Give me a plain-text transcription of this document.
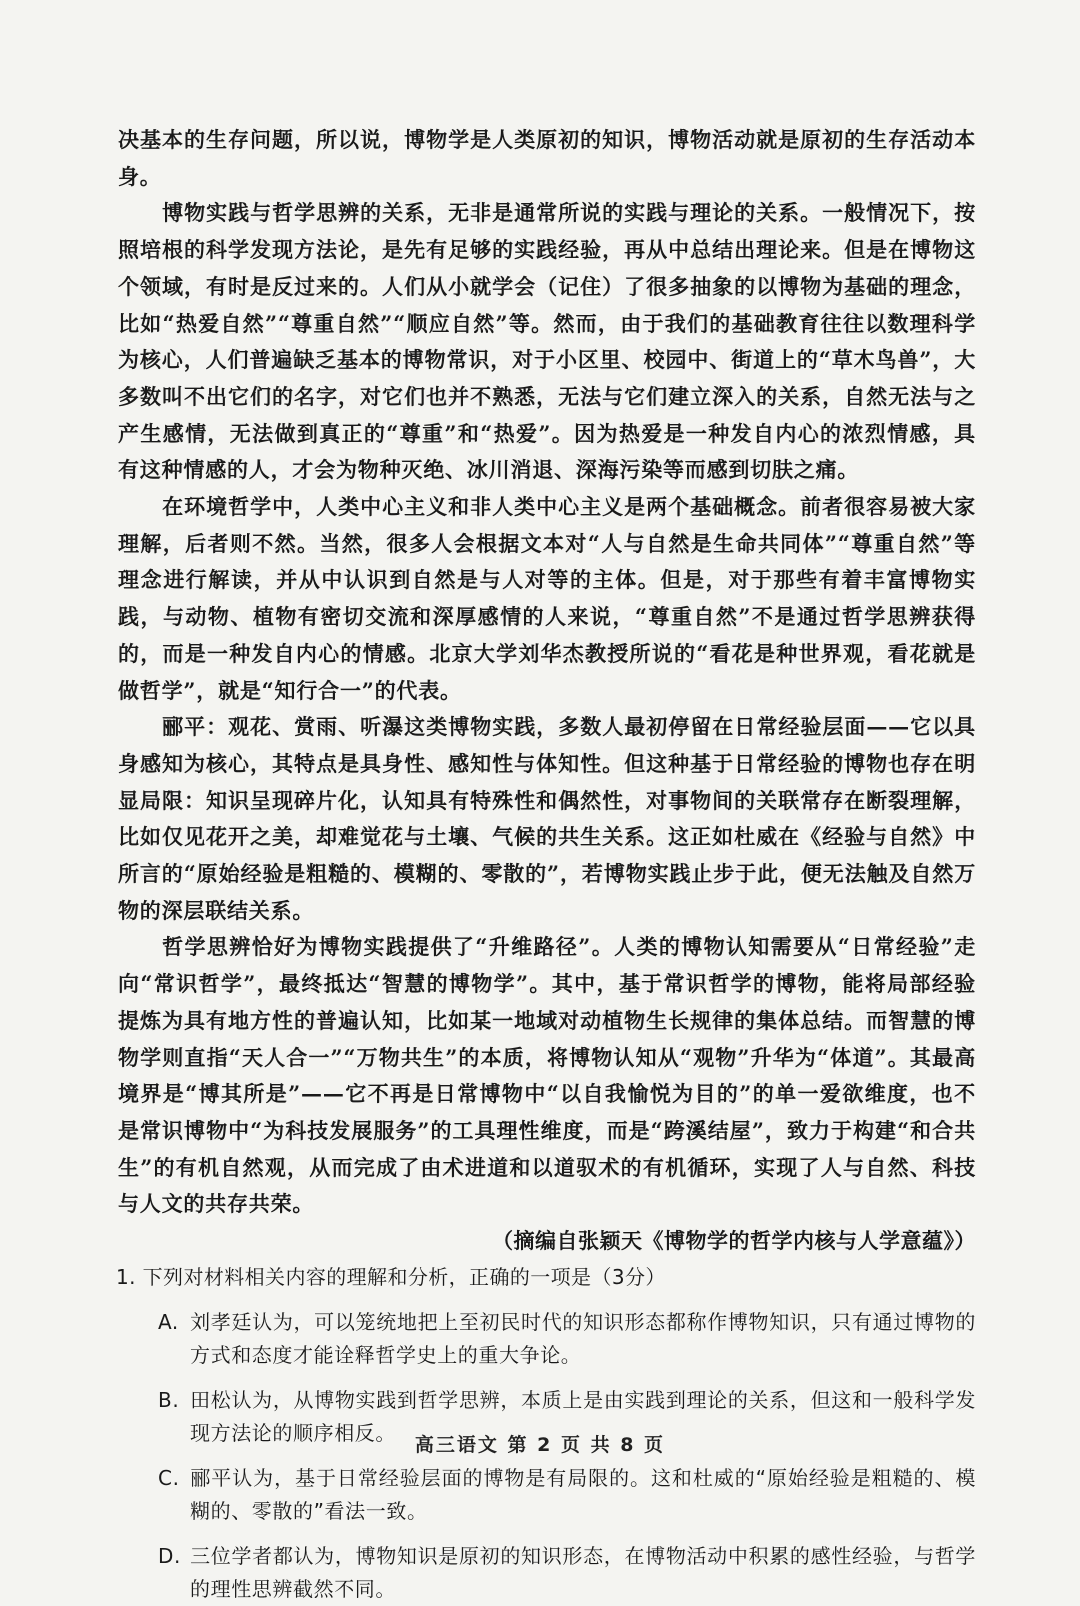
决基本的生存问题，所以说，博物学是人类原初的知识，博物活动就是原初的生存活动本身。

博物实践与哲学思辨的关系，无非是通常所说的实践与理论的关系。一般情况下，按照培根的科学发现方法论，是先有足够的实践经验，再从中总结出理论来。但是在博物这个领域，有时是反过来的。人们从小就学会（记住）了很多抽象的以博物为基础的理念，比如“热爱自然”“尊重自然”“顺应自然”等。然而，由于我们的基础教育往往以数理科学为核心，人们普遍缺乏基本的博物常识，对于小区里、校园中、街道上的“草木鸟兽”，大多数叫不出它们的名字，对它们也并不熟悉，无法与它们建立深入的关系，自然无法与之产生感情，无法做到真正的“尊重”和“热爱”。因为热爱是一种发自内心的浓烈情感，具有这种情感的人，才会为物种灭绝、冰川消退、深海污染等而感到切肤之痛。

在环境哲学中，人类中心主义和非人类中心主义是两个基础概念。前者很容易被大家理解，后者则不然。当然，很多人会根据文本对“人与自然是生命共同体”“尊重自然”等理念进行解读，并从中认识到自然是与人对等的主体。但是，对于那些有着丰富博物实践，与动物、植物有密切交流和深厚感情的人来说，“尊重自然”不是通过哲学思辨获得的，而是一种发自内心的情感。北京大学刘华杰教授所说的“看花是种世界观，看花就是做哲学”，就是“知行合一”的代表。

郦平：观花、赏雨、听瀑这类博物实践，多数人最初停留在日常经验层面——它以具身感知为核心，其特点是具身性、感知性与体知性。但这种基于日常经验的博物也存在明显局限：知识呈现碎片化，认知具有特殊性和偶然性，对事物间的关联常存在断裂理解，比如仅见花开之美，却难觉花与土壤、气候的共生关系。这正如杜威在《经验与自然》中所言的“原始经验是粗糙的、模糊的、零散的”，若博物实践止步于此，便无法触及自然万物的深层联结关系。

哲学思辨恰好为博物实践提供了“升维路径”。人类的博物认知需要从“日常经验”走向“常识哲学”，最终抵达“智慧的博物学”。其中，基于常识哲学的博物，能将局部经验提炼为具有地方性的普遍认知，比如某一地域对动植物生长规律的集体总结。而智慧的博物学则直指“天人合一”“万物共生”的本质，将博物认知从“观物”升华为“体道”。其最高境界是“博其所是”——它不再是日常博物中“以自我愉悦为目的”的单一爱欲维度，也不是常识博物中“为科技发展服务”的工具理性维度，而是“跨溪结屋”，致力于构建“和合共生”的有机自然观，从而完成了由术进道和以道驭术的有机循环，实现了人与自然、科技与人文的共存共荣。

（摘编自张颖天《博物学的哲学内核与人学意蕴》）

1. 下列对材料相关内容的理解和分析，正确的一项是（3分）

A. 刘孝廷认为，可以笼统地把上至初民时代的知识形态都称作博物知识，只有通过博物的方式和态度才能诠释哲学史上的重大争论。

B. 田松认为，从博物实践到哲学思辨，本质上是由实践到理论的关系，但这和一般科学发现方法论的顺序相反。

C. 郦平认为，基于日常经验层面的博物是有局限的。这和杜威的“原始经验是粗糙的、模糊的、零散的”看法一致。

D. 三位学者都认为，博物知识是原初的知识形态，在博物活动中积累的感性经验，与哲学的理性思辨截然不同。

高三语文 第 2 页 共 8 页
